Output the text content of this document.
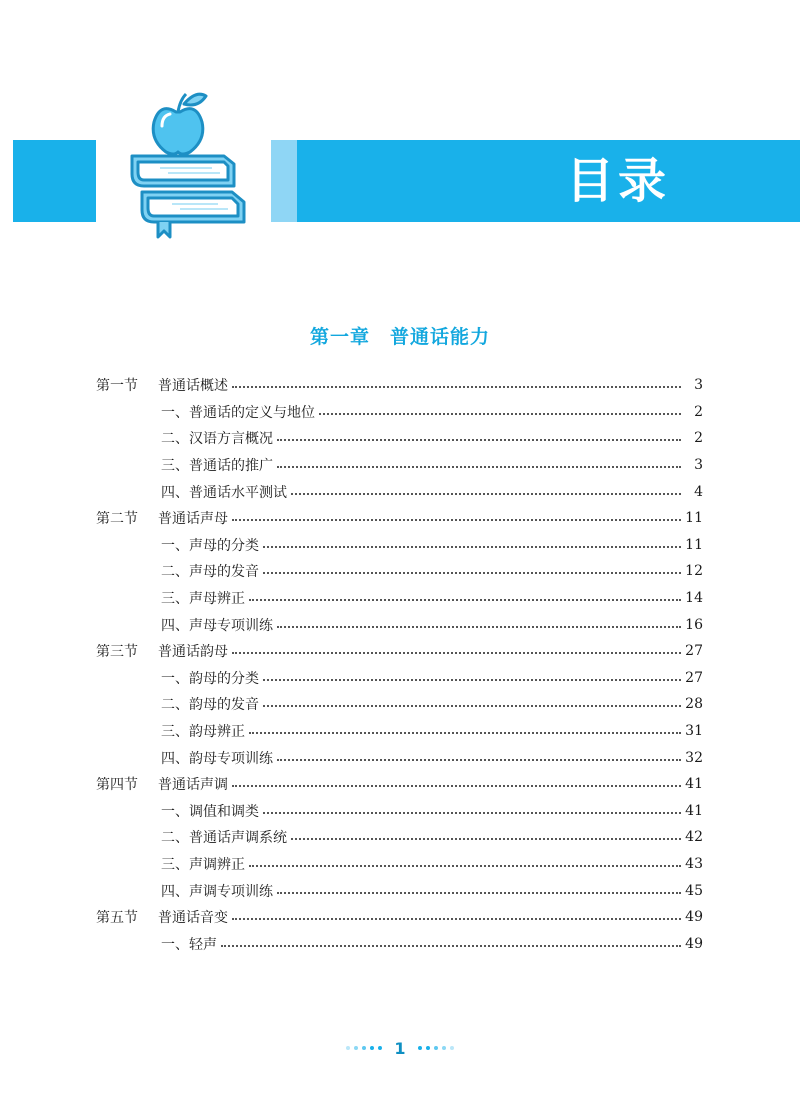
目录
第一章　普通话能力
第一节 普通话概述	3
一、普通话的定义与地位	2
二、汉语方言概况	2
三、普通话的推广	3
四、普通话水平测试	4
第二节 普通话声母	11
一、声母的分类	11
二、声母的发音	12
三、声母辨正	14
四、声母专项训练	16
第三节 普通话韵母	27
一、韵母的分类	27
二、韵母的发音	28
三、韵母辨正	31
四、韵母专项训练	32
第四节 普通话声调	41
一、调值和调类	41
二、普通话声调系统	42
三、声调辨正	43
四、声调专项训练	45
第五节 普通话音变	49
一、轻声	49
1
